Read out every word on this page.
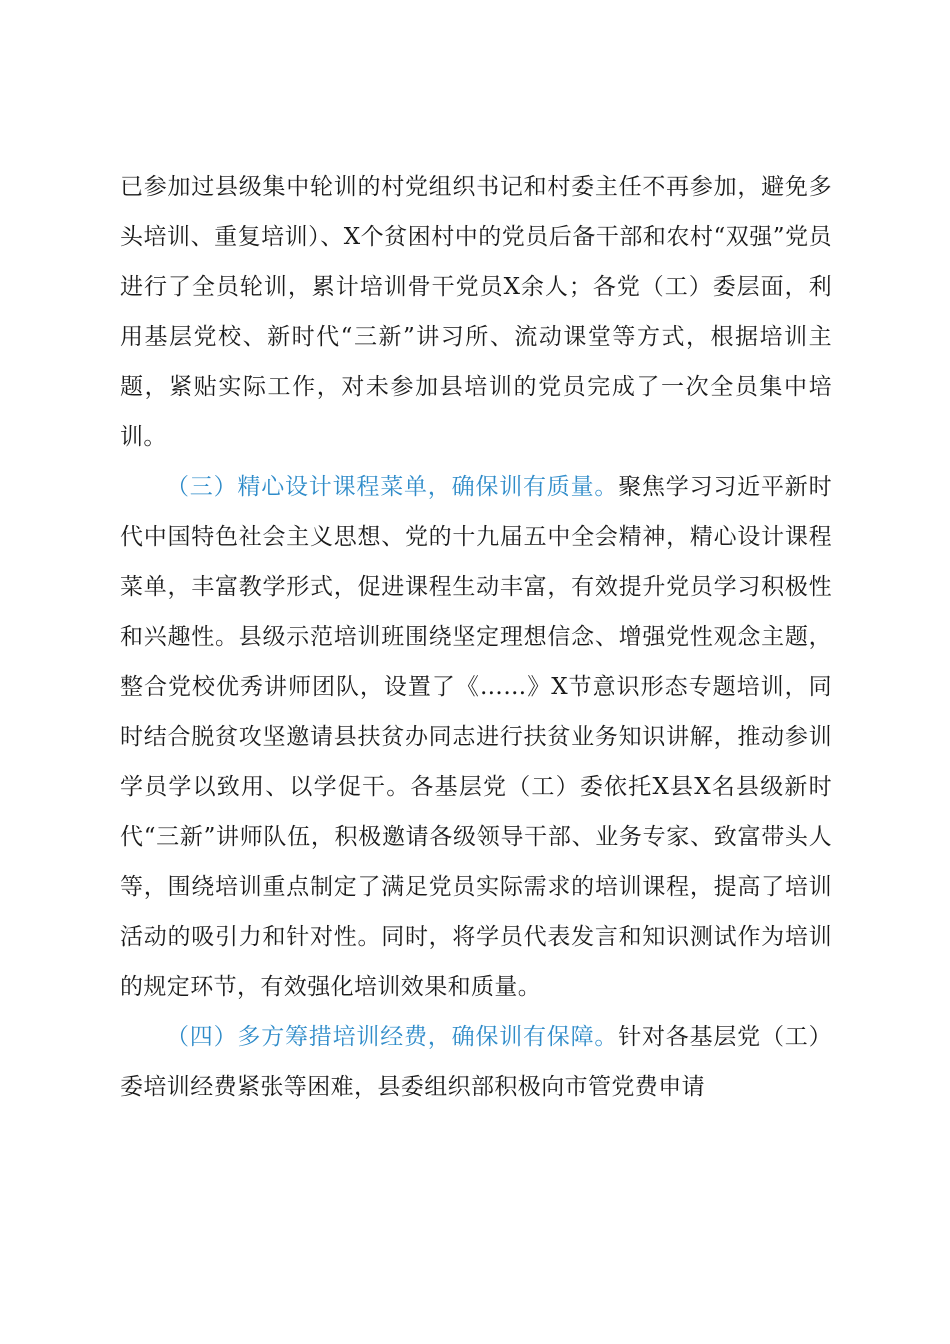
已参加过县级集中轮训的村党组织书记和村委主任不再参加，避免多头培训、重复培训）、X个贫困村中的党员后备干部和农村“双强”党员进行了全员轮训，累计培训骨干党员X余人；各党（工）委层面，利用基层党校、新时代“三新”讲习所、流动课堂等方式，根据培训主题，紧贴实际工作，对未参加县培训的党员完成了一次全员集中培训。

（三）精心设计课程菜单，确保训有质量。聚焦学习习近平新时代中国特色社会主义思想、党的十九届五中全会精神，精心设计课程菜单，丰富教学形式，促进课程生动丰富，有效提升党员学习积极性和兴趣性。县级示范培训班围绕坚定理想信念、增强党性观念主题，整合党校优秀讲师团队，设置了《……》X节意识形态专题培训，同时结合脱贫攻坚邀请县扶贫办同志进行扶贫业务知识讲解，推动参训学员学以致用、以学促干。各基层党（工）委依托X县X名县级新时代“三新”讲师队伍，积极邀请各级领导干部、业务专家、致富带头人等，围绕培训重点制定了满足党员实际需求的培训课程，提高了培训活动的吸引力和针对性。同时，将学员代表发言和知识测试作为培训的规定环节，有效强化培训效果和质量。

（四）多方筹措培训经费，确保训有保障。针对各基层党（工）委培训经费紧张等困难，县委组织部积极向市管党费申请
